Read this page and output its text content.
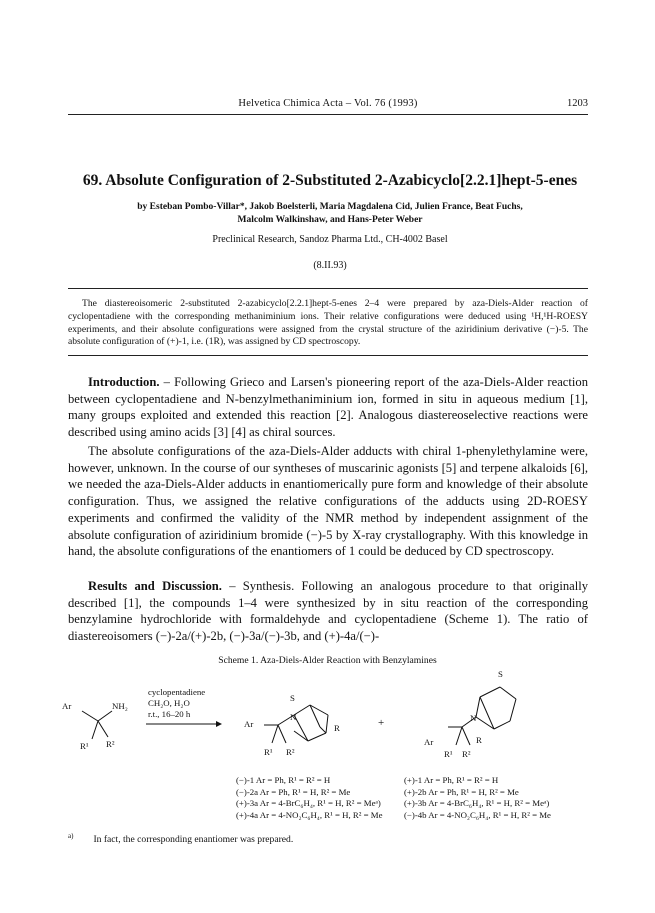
Helvetica Chimica Acta – Vol. 76 (1993)	1203
69. Absolute Configuration of 2-Substituted 2-Azabicyclo[2.2.1]hept-5-enes
by Esteban Pombo-Villar*, Jakob Boelsterli, Maria Magdalena Cid, Julien France, Beat Fuchs,
Malcolm Walkinshaw, and Hans-Peter Weber
Preclinical Research, Sandoz Pharma Ltd., CH-4002 Basel
(8.II.93)
The diastereoisomeric 2-substituted 2-azabicyclo[2.2.1]hept-5-enes 2–4 were prepared by aza-Diels-Alder reaction of cyclopentadiene with the corresponding methaniminium ions. Their relative configurations were deduced using ¹H,¹H-ROESY experiments, and their absolute configurations were assigned from the crystal structure of the aziridinium derivative (−)-5. The absolute configuration of (+)-1, i.e. (1R), was assigned by CD spectroscopy.

Introduction. – Following Grieco and Larsen's pioneering report of the aza-Diels-Alder reaction between cyclopentadiene and N-benzylmethaniminium ion, formed in situ in aqueous medium [1], many groups exploited and extended this reaction [2]. Analogous diastereoselective reactions were described using amino acids [3] [4] as chiral sources.

The absolute configurations of the aza-Diels-Alder adducts with chiral 1-phenylethylamine were, however, unknown. In the course of our syntheses of muscarinic agonists [5] and terpene alkaloids [6], we needed the aza-Diels-Alder adducts in enantiomerically pure form and knowledge of their absolute configuration. Thus, we assigned the relative configurations of the adducts using 2D-ROESY experiments and confirmed the validity of the NMR method by independent assignment of the absolute configuration of aziridinium bromide (−)-5 by X-ray crystallography. With this knowledge in hand, the absolute configurations of the enantiomers of 1 could be deduced by CD spectroscopy.

Results and Discussion. – Synthesis. Following an analogous procedure to that originally described [1], the compounds 1–4 were synthesized by in situ reaction of the corresponding benzylamine hydrochloride with formaldehyde and cyclopentadiene (Scheme 1). The ratio of diastereoisomers (−)-2a/(+)-2b, (−)-3a/(−)-3b, and (+)-4a/(−)-

Scheme 1. Aza-Diels-Alder Reaction with Benzylamines
Ar	NH₂
R¹ R²
cyclopentadiene
CH₂O, H₂O
r.t., 16–20 h
Ar
N
S
R
R¹ R²
+
Ar
N
S
R
R¹ R²
(−)-1 Ar = Ph, R¹ = R² = H
(−)-2a Ar = Ph, R¹ = H, R² = Me
(+)-3a Ar = 4-BrC₆H₄, R¹ = H, R² = Meᵃ)
(+)-4a Ar = 4-NO₂C₆H₄, R¹ = H, R² = Me
(+)-1 Ar = Ph, R¹ = R² = H
(+)-2b Ar = Ph, R¹ = H, R² = Me
(+)-3b Ar = 4-BrC₆H₄, R¹ = H, R² = Meᵃ)
(−)-4b Ar = 4-NO₂C₆H₄, R¹ = H, R² = Me
$^{a)}$ In fact, the corresponding enantiomer was prepared.
